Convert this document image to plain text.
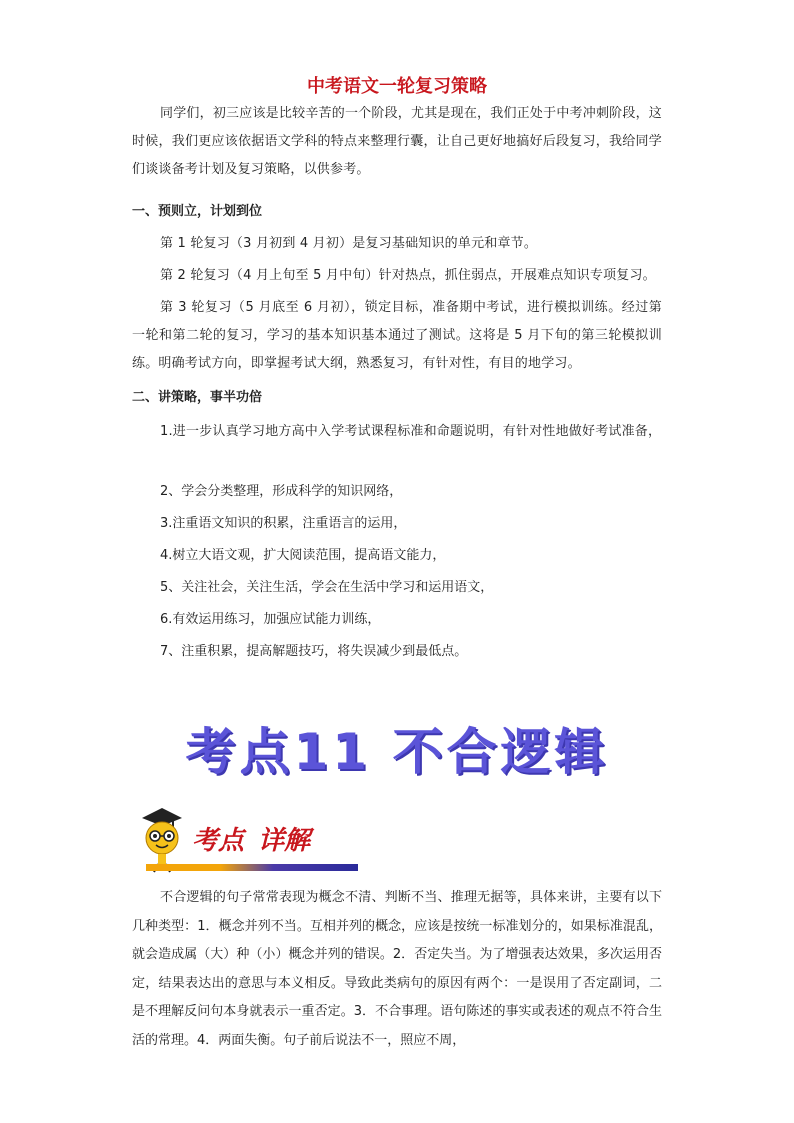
中考语文一轮复习策略
同学们，初三应该是比较辛苦的一个阶段，尤其是现在，我们正处于中考冲刺阶段，这时候，我们更应该依据语文学科的特点来整理行囊，让自己更好地搞好后段复习，我给同学们谈谈备考计划及复习策略，以供参考。
一、预则立，计划到位
第 1 轮复习（3 月初到 4 月初）是复习基础知识的单元和章节。
第 2 轮复习（4 月上旬至 5 月中旬）针对热点，抓住弱点，开展难点知识专项复习。
第 3 轮复习（5 月底至 6 月初），锁定目标，准备期中考试，进行模拟训练。经过第一轮和第二轮的复习，学习的基本知识基本通过了测试。这将是 5 月下旬的第三轮模拟训练。明确考试方向，即掌握考试大纲，熟悉复习，有针对性，有目的地学习。
二、讲策略，事半功倍
1.进一步认真学习地方高中入学考试课程标准和命题说明，有针对性地做好考试准备，
2、学会分类整理，形成科学的知识网络，
3.注重语文知识的积累，注重语言的运用，
4.树立大语文观，扩大阅读范围，提高语文能力，
5、关注社会，关注生活，学会在生活中学习和运用语文，
6.有效运用练习，加强应试能力训练，
7、注重积累，提高解题技巧，将失误减少到最低点。
考点11 不合逻辑
考点 详解
不合逻辑的句子常常表现为概念不清、判断不当、推理无据等，具体来讲，主要有以下几种类型：1．概念并列不当。互相并列的概念，应该是按统一标准划分的，如果标准混乱，就会造成属（大）种（小）概念并列的错误。2．否定失当。为了增强表达效果，多次运用否定，结果表达出的意思与本义相反。导致此类病句的原因有两个：一是误用了否定副词，二是不理解反问句本身就表示一重否定。3．不合事理。语句陈述的事实或表述的观点不符合生活的常理。4．两面失衡。句子前后说法不一，照应不周，
